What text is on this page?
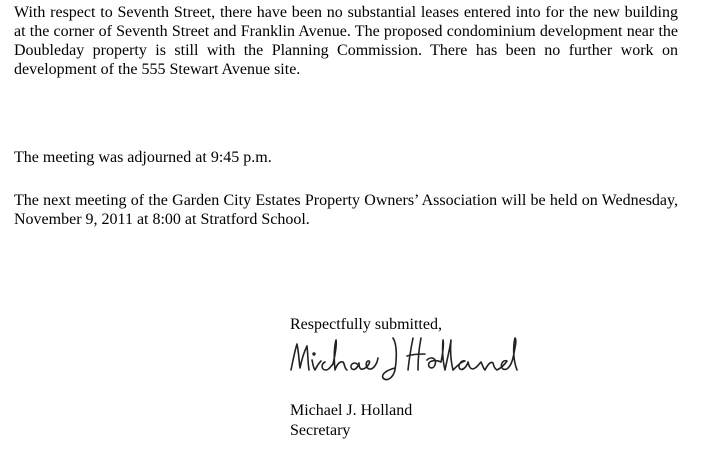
With respect to Seventh Street, there have been no substantial leases entered into for the new building at the corner of Seventh Street and Franklin Avenue. The proposed condominium development near the Doubleday property is still with the Planning Commission. There has been no further work on development of the 555 Stewart Avenue site.

The meeting was adjourned at 9:45 p.m.

The next meeting of the Garden City Estates Property Owners’ Association will be held on Wednesday, November 9, 2011 at 8:00 at Stratford School.

Respectfully submitted,

Michael J. Holland
Secretary
